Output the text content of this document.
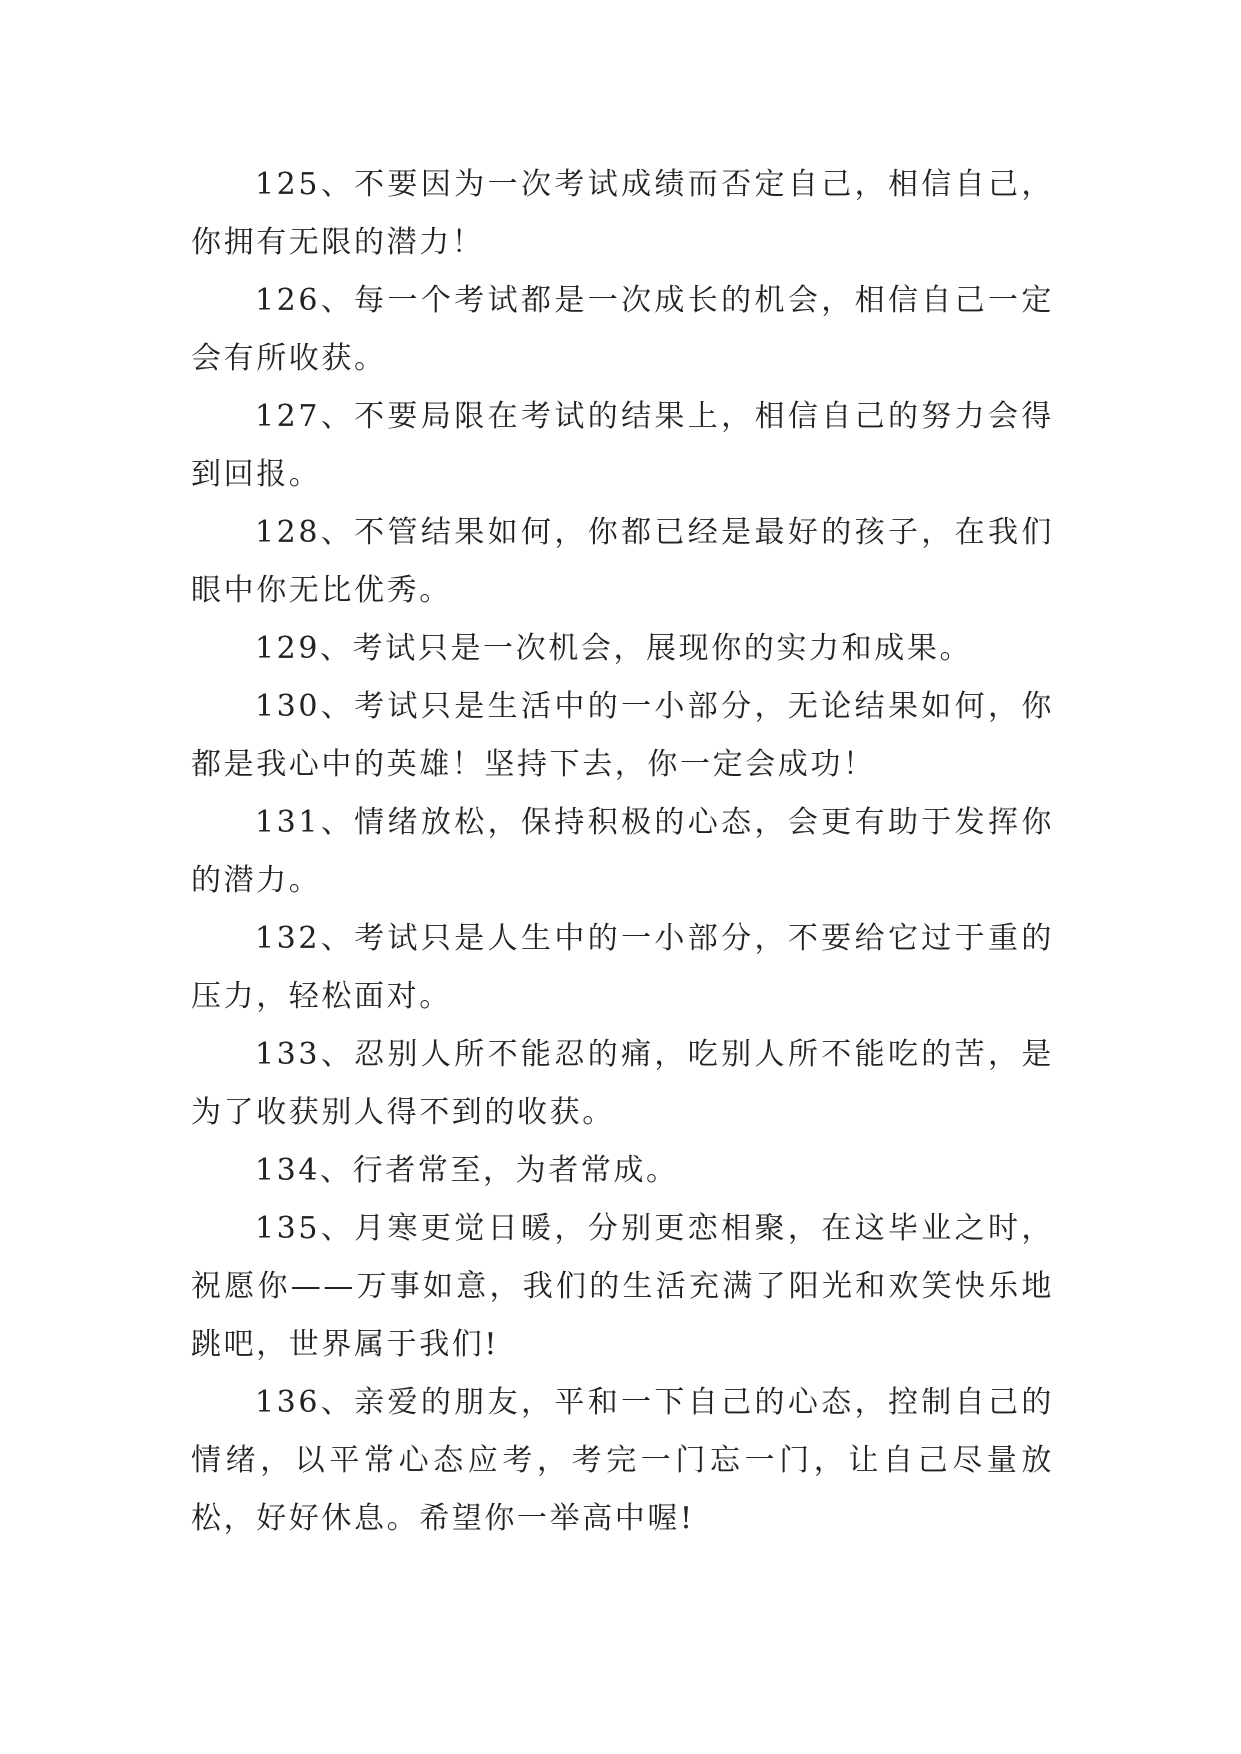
125、不要因为一次考试成绩而否定自己，相信自己，你拥有无限的潜力！

126、每一个考试都是一次成长的机会，相信自己一定会有所收获。

127、不要局限在考试的结果上，相信自己的努力会得到回报。

128、不管结果如何，你都已经是最好的孩子，在我们眼中你无比优秀。

129、考试只是一次机会，展现你的实力和成果。

130、考试只是生活中的一小部分，无论结果如何，你都是我心中的英雄！坚持下去，你一定会成功！

131、情绪放松，保持积极的心态，会更有助于发挥你的潜力。

132、考试只是人生中的一小部分，不要给它过于重的压力，轻松面对。

133、忍别人所不能忍的痛，吃别人所不能吃的苦，是为了收获别人得不到的收获。

134、行者常至，为者常成。

135、月寒更觉日暖，分别更恋相聚，在这毕业之时，祝愿你——万事如意，我们的生活充满了阳光和欢笑快乐地跳吧，世界属于我们!

136、亲爱的朋友，平和一下自己的心态，控制自己的情绪，以平常心态应考，考完一门忘一门，让自己尽量放松，好好休息。希望你一举高中喔!
